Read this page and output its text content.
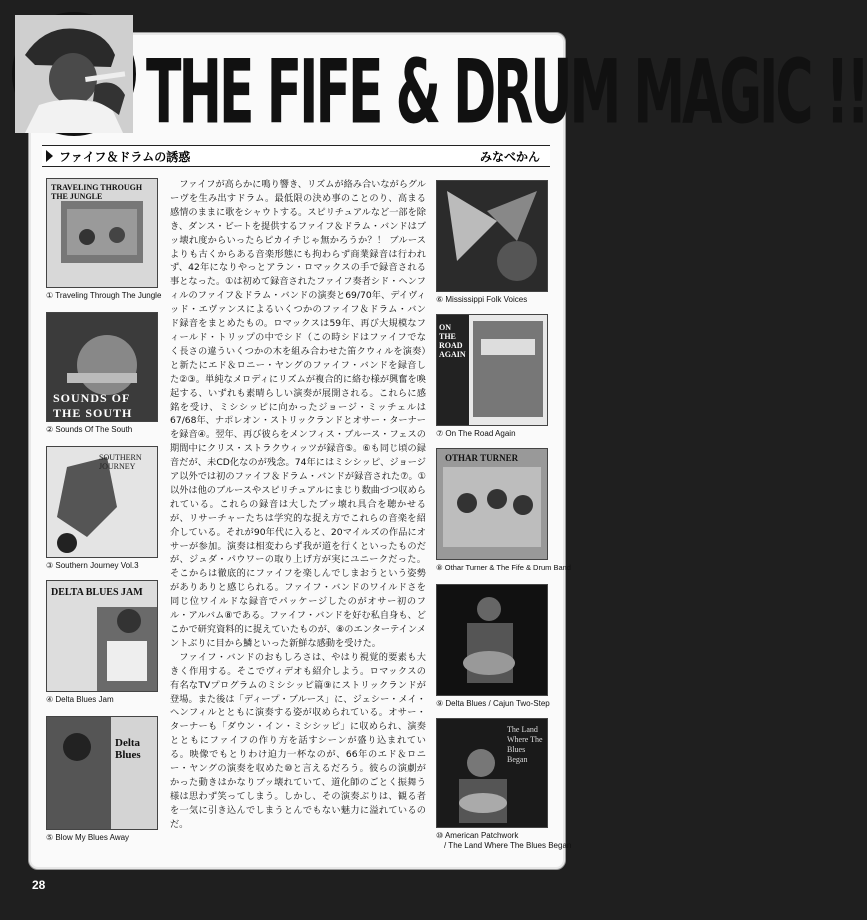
THE FIFE & DRUM MAGIC !!
ファイフ＆ドラムの誘惑	みなべかん
TRAVELING THROUGH THE JUNGLE
① Traveling Through The Jungle
SOUNDS OF THE SOUTH
② Sounds Of The South
SOUTHERN JOURNEY
③ Southern Journey Vol.3
DELTA BLUES JAM
④ Delta Blues Jam
Delta Blues
⑤ Blow My Blues Away

ファイフが高らかに鳴り響き、リズムが絡み合いながらグルーヴを生み出すドラム。最低限の決め事のことのり、高まる感情のままに歌をシャウトする。スピリチュアルなど一部を除き、ダンス・ビートを提供するファイフ＆ドラム・バンドはブッ壊れ度からいったらピカイチじゃ無かろうか？！ ブルースよりも古くからある音楽形態にも拘わらず商業録音は行われず、42年になりやっとアラン・ロマックスの手で録音される事となった。①は初めて録音されたファイフ奏者シド・ヘンフィルのファイフ＆ドラム・バンドの演奏と69/70年、デイヴィッド・エヴァンスによるいくつかのファイフ＆ドラム・バンド録音をまとめたもの。ロマックスは59年、再び大規模なフィールド・トリップの中でシド（この時シドはファイフでなく長さの違ういくつかの木を組み合わせた笛クウィルを演奏）と新たにエド＆ロニー・ヤングのファイフ・バンドを録音した②③。単純なメロディにリズムが複合的に絡む様が興奮を喚起する、いずれも素晴らしい演奏が展開される。これらに感銘を受け、ミシシッピに向かったジョージ・ミッチェルは67/68年、ナポレオン・ストリックランドとオサー・ターナーを録音④。翌年、再び彼らをメンフィス・ブルース・フェスの期間中にクリス・ストラクウィッツが録音⑤。⑥も同じ頃の録音だが、未CD化なのが残念。74年にはミシシッピ、ジョージア以外では初のファイフ＆ドラム・バンドが録音された⑦。①以外は他のブルースやスピリチュアルにまじり数曲づつ収められている。これらの録音は大したブッ壊れ具合を聴かせるが、リサーチャーたちは学究的な捉え方でこれらの音楽を紹介している。それが90年代に入ると、20マイルズの作品にオサーが参加。演奏は相変わらず我が道を行くといったものだが、ジュダ・パウワーの取り上げ方が実にユニークだった。そこからは徹底的にファイフを楽しんでしまおうという姿勢がありありと感じられる。ファイフ・バンドのワイルドさを同じ位ワイルドな録音でパッケージしたのがオサー初のフル・アルバム⑧である。ファイフ・バンドを好む私自身も、どこかで研究資料的に捉えていたものが、⑧のエンターテインメントぶりに目から鱗といった新鮮な感動を受けた。

ファイフ・バンドのおもしろさは、やはり視覚的要素も大きく作用する。そこでヴィデオも紹介しよう。ロマックスの有名なTVプログラムのミシシッピ篇⑨にストリックランドが登場。また後は「ディープ・ブルース」に、ジェシー・メイ・ヘンフィルとともに演奏する姿が収められている。オサー・ターナーも「ダウン・イン・ミシシッピ」に収められ、演奏とともにファイフの作り方を話すシーンが盛り込まれている。映像でもとりわけ迫力一杯なのが、66年のエド＆ロニー・ヤングの演奏を収めた⑩と言えるだろう。彼らの演劇がかった動きはかなりブッ壊れていて、道化師のごとく振舞う様は思わず笑ってしまう。しかし、その演奏ぶりは、観る者を一気に引き込んでしまうとんでもない魅力に溢れているのだ。

⑥ Mississippi Folk Voices
ON THE ROAD AGAIN
⑦ On The Road Again
OTHAR TURNER
⑧ Othar Turner & The Fife & Drum Band
⑨ Delta Blues / Cajun Two-Step
The Land Where The Blues Began
⑩ American Patchwork
/ The Land Where The Blues Began
28
